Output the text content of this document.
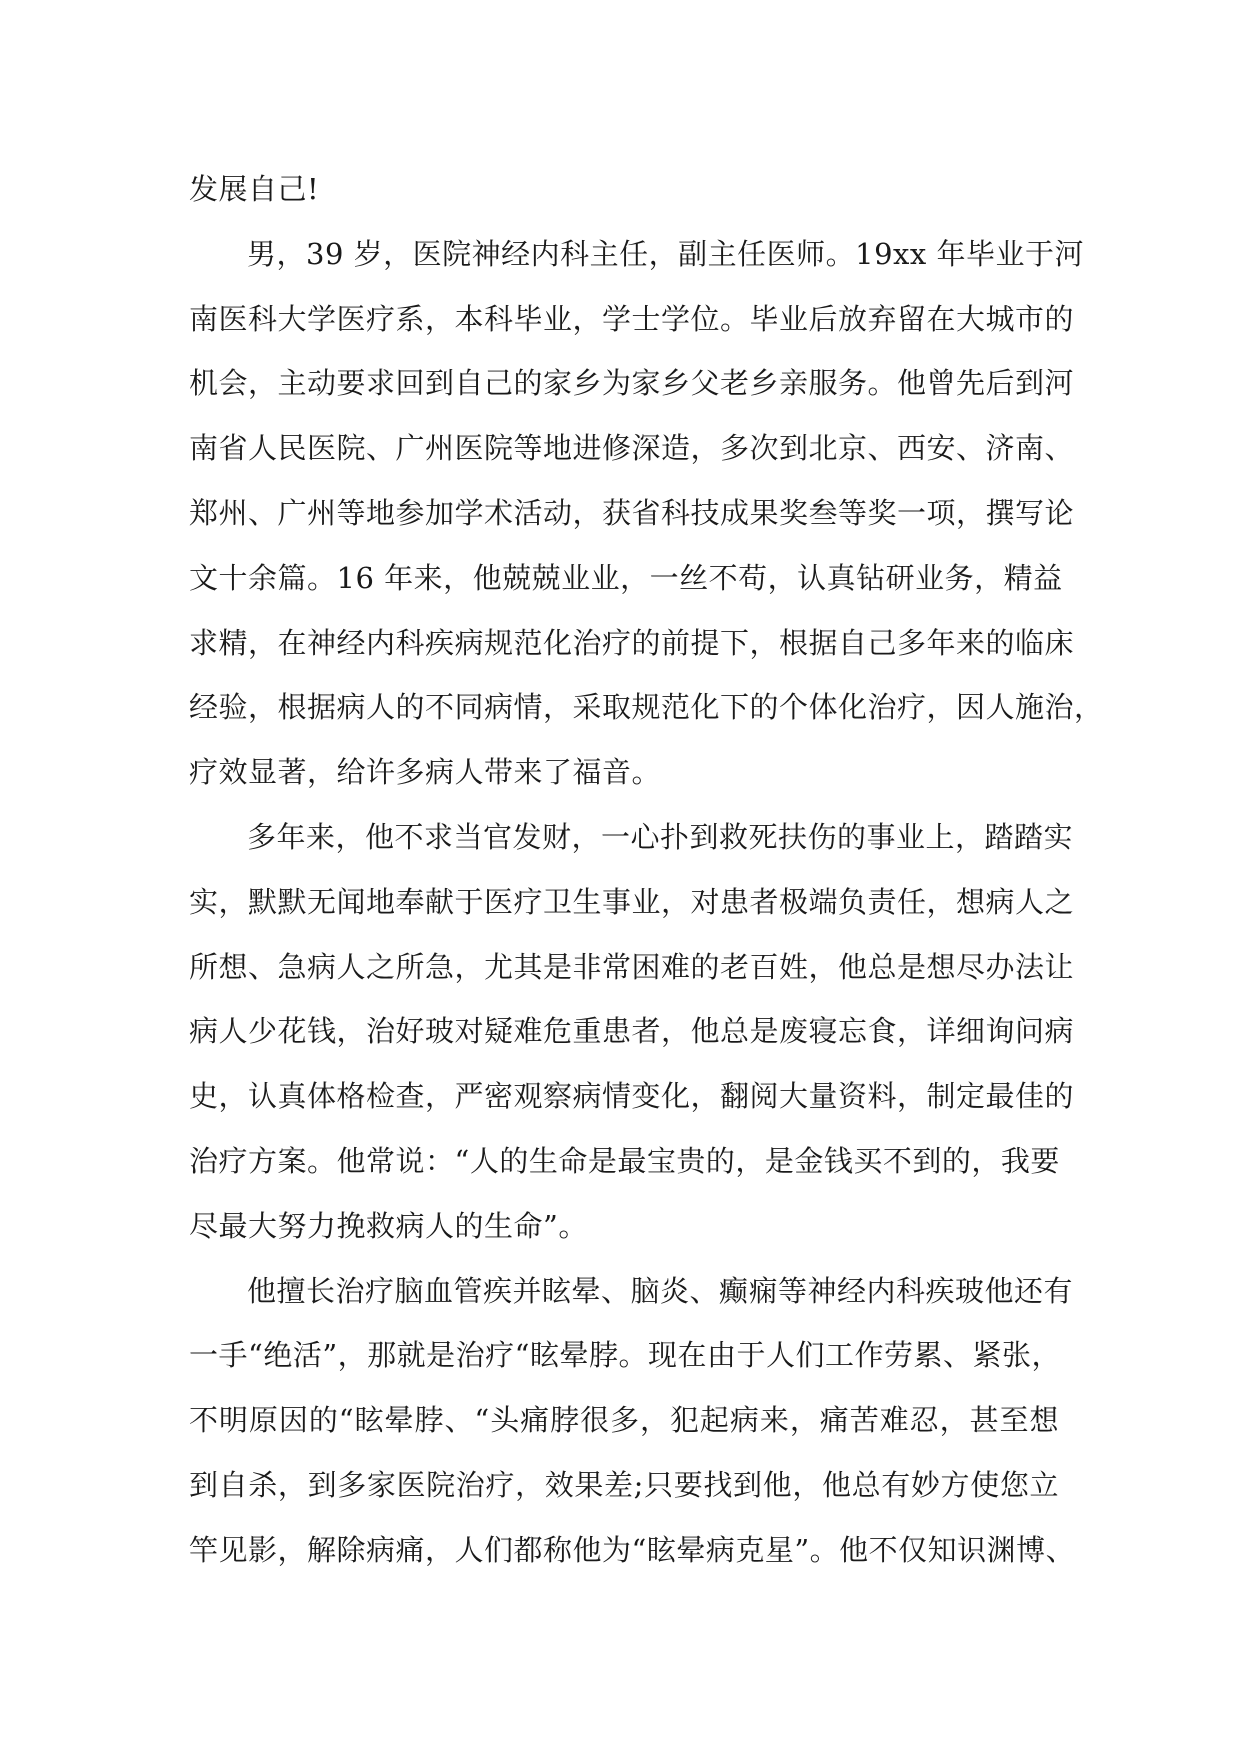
发展自己!
男，39 岁，医院神经内科主任，副主任医师。19xx 年毕业于河
南医科大学医疗系，本科毕业，学士学位。毕业后放弃留在大城市的
机会，主动要求回到自己的家乡为家乡父老乡亲服务。他曾先后到河
南省人民医院、广州医院等地进修深造，多次到北京、西安、济南、
郑州、广州等地参加学术活动，获省科技成果奖叁等奖一项，撰写论
文十余篇。16 年来，他兢兢业业，一丝不苟，认真钻研业务，精益
求精，在神经内科疾病规范化治疗的前提下，根据自己多年来的临床
经验，根据病人的不同病情，采取规范化下的个体化治疗，因人施治，
疗效显著，给许多病人带来了福音。
多年来，他不求当官发财，一心扑到救死扶伤的事业上，踏踏实
实，默默无闻地奉献于医疗卫生事业，对患者极端负责任，想病人之
所想、急病人之所急，尤其是非常困难的老百姓，他总是想尽办法让
病人少花钱，治好玻对疑难危重患者，他总是废寝忘食，详细询问病
史，认真体格检查，严密观察病情变化，翻阅大量资料，制定最佳的
治疗方案。他常说：“人的生命是最宝贵的，是金钱买不到的，我要
尽最大努力挽救病人的生命”。
他擅长治疗脑血管疾并眩晕、脑炎、癫痫等神经内科疾玻他还有
一手“绝活”，那就是治疗“眩晕脖。现在由于人们工作劳累、紧张，
不明原因的“眩晕脖、“头痛脖很多，犯起病来，痛苦难忍，甚至想
到自杀，到多家医院治疗，效果差;只要找到他，他总有妙方使您立
竿见影，解除病痛，人们都称他为“眩晕病克星”。他不仅知识渊博、
